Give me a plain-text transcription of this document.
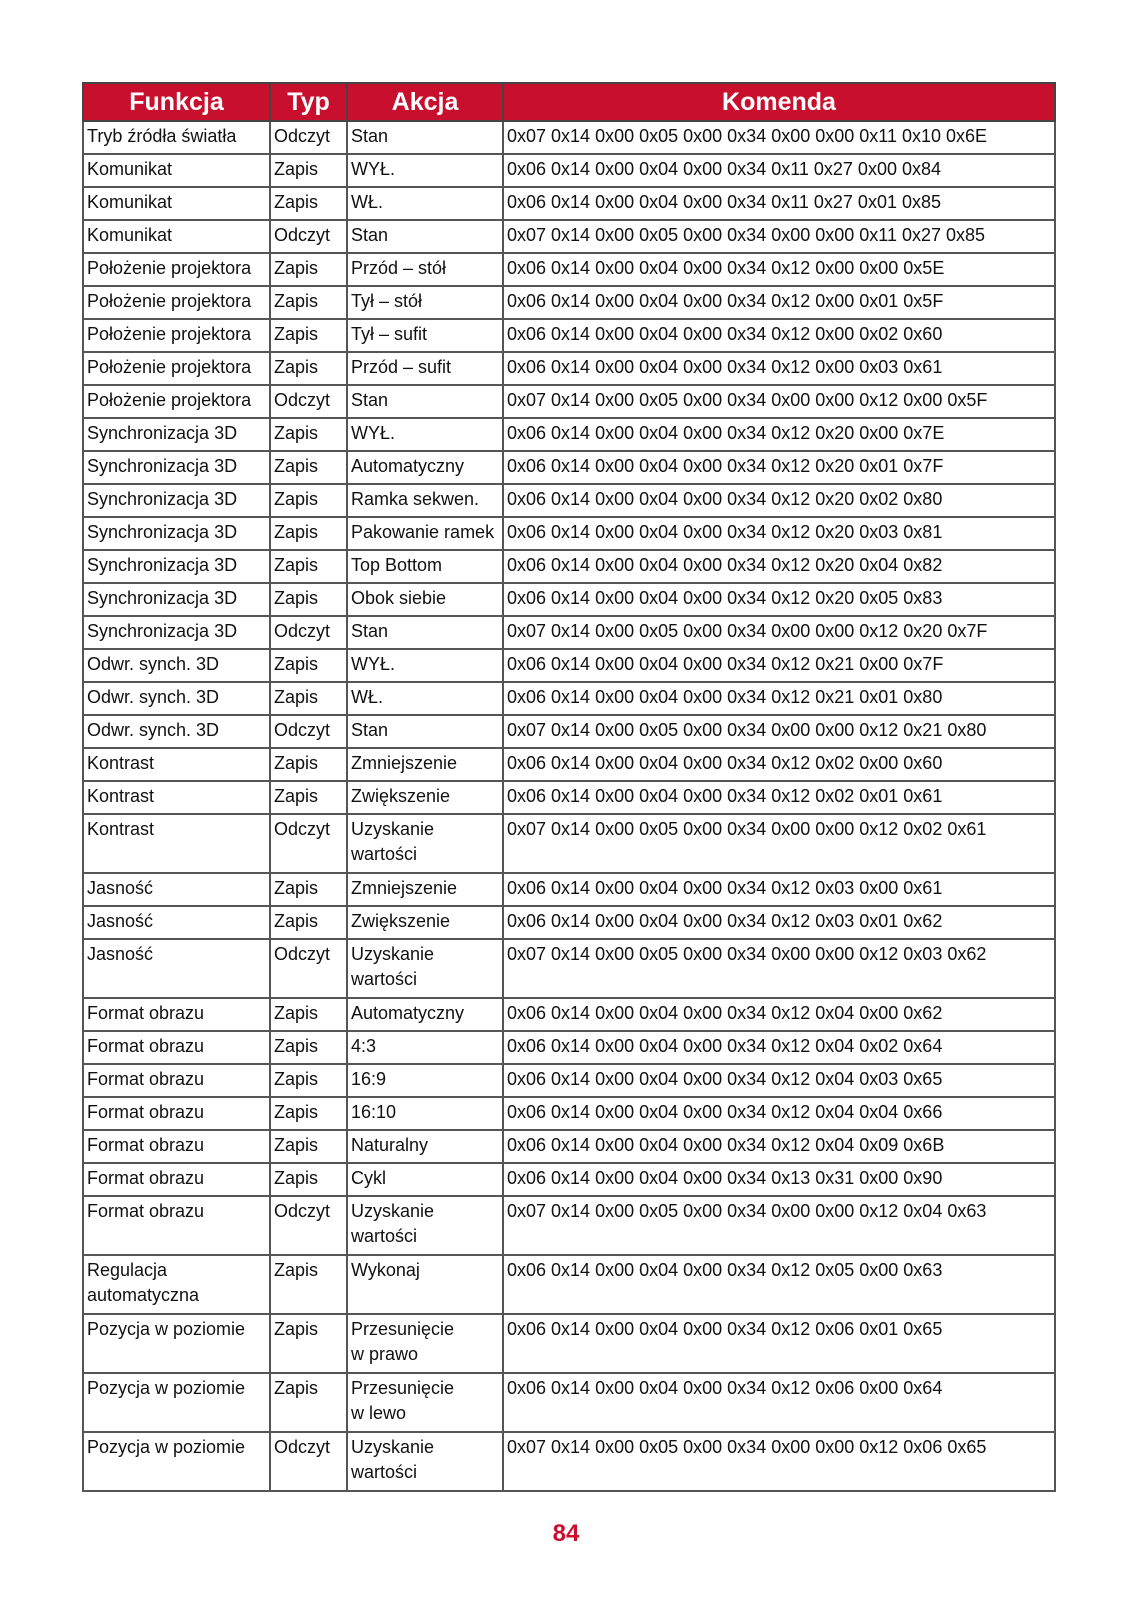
Funkcja	Typ	Akcja	Komenda
Tryb źródła światła	Odczyt	Stan	0x07 0x14 0x00 0x05 0x00 0x34 0x00 0x00 0x11 0x10 0x6E
Komunikat	Zapis	WYŁ.	0x06 0x14 0x00 0x04 0x00 0x34 0x11 0x27 0x00 0x84
Komunikat	Zapis	WŁ.	0x06 0x14 0x00 0x04 0x00 0x34 0x11 0x27 0x01 0x85
Komunikat	Odczyt	Stan	0x07 0x14 0x00 0x05 0x00 0x34 0x00 0x00 0x11 0x27 0x85
Położenie projektora	Zapis	Przód – stół	0x06 0x14 0x00 0x04 0x00 0x34 0x12 0x00 0x00 0x5E
Położenie projektora	Zapis	Tył – stół	0x06 0x14 0x00 0x04 0x00 0x34 0x12 0x00 0x01 0x5F
Położenie projektora	Zapis	Tył – sufit	0x06 0x14 0x00 0x04 0x00 0x34 0x12 0x00 0x02 0x60
Położenie projektora	Zapis	Przód – sufit	0x06 0x14 0x00 0x04 0x00 0x34 0x12 0x00 0x03 0x61
Położenie projektora	Odczyt	Stan	0x07 0x14 0x00 0x05 0x00 0x34 0x00 0x00 0x12 0x00 0x5F
Synchronizacja 3D	Zapis	WYŁ.	0x06 0x14 0x00 0x04 0x00 0x34 0x12 0x20 0x00 0x7E
Synchronizacja 3D	Zapis	Automatyczny	0x06 0x14 0x00 0x04 0x00 0x34 0x12 0x20 0x01 0x7F
Synchronizacja 3D	Zapis	Ramka sekwen.	0x06 0x14 0x00 0x04 0x00 0x34 0x12 0x20 0x02 0x80
Synchronizacja 3D	Zapis	Pakowanie ramek	0x06 0x14 0x00 0x04 0x00 0x34 0x12 0x20 0x03 0x81
Synchronizacja 3D	Zapis	Top Bottom	0x06 0x14 0x00 0x04 0x00 0x34 0x12 0x20 0x04 0x82
Synchronizacja 3D	Zapis	Obok siebie	0x06 0x14 0x00 0x04 0x00 0x34 0x12 0x20 0x05 0x83
Synchronizacja 3D	Odczyt	Stan	0x07 0x14 0x00 0x05 0x00 0x34 0x00 0x00 0x12 0x20 0x7F
Odwr. synch. 3D	Zapis	WYŁ.	0x06 0x14 0x00 0x04 0x00 0x34 0x12 0x21 0x00 0x7F
Odwr. synch. 3D	Zapis	WŁ.	0x06 0x14 0x00 0x04 0x00 0x34 0x12 0x21 0x01 0x80
Odwr. synch. 3D	Odczyt	Stan	0x07 0x14 0x00 0x05 0x00 0x34 0x00 0x00 0x12 0x21 0x80
Kontrast	Zapis	Zmniejszenie	0x06 0x14 0x00 0x04 0x00 0x34 0x12 0x02 0x00 0x60
Kontrast	Zapis	Zwiększenie	0x06 0x14 0x00 0x04 0x00 0x34 0x12 0x02 0x01 0x61
Kontrast	Odczyt	Uzyskanie
wartości	0x07 0x14 0x00 0x05 0x00 0x34 0x00 0x00 0x12 0x02 0x61
Jasność	Zapis	Zmniejszenie	0x06 0x14 0x00 0x04 0x00 0x34 0x12 0x03 0x00 0x61
Jasność	Zapis	Zwiększenie	0x06 0x14 0x00 0x04 0x00 0x34 0x12 0x03 0x01 0x62
Jasność	Odczyt	Uzyskanie
wartości	0x07 0x14 0x00 0x05 0x00 0x34 0x00 0x00 0x12 0x03 0x62
Format obrazu	Zapis	Automatyczny	0x06 0x14 0x00 0x04 0x00 0x34 0x12 0x04 0x00 0x62
Format obrazu	Zapis	4:3	0x06 0x14 0x00 0x04 0x00 0x34 0x12 0x04 0x02 0x64
Format obrazu	Zapis	16:9	0x06 0x14 0x00 0x04 0x00 0x34 0x12 0x04 0x03 0x65
Format obrazu	Zapis	16:10	0x06 0x14 0x00 0x04 0x00 0x34 0x12 0x04 0x04 0x66
Format obrazu	Zapis	Naturalny	0x06 0x14 0x00 0x04 0x00 0x34 0x12 0x04 0x09 0x6B
Format obrazu	Zapis	Cykl	0x06 0x14 0x00 0x04 0x00 0x34 0x13 0x31 0x00 0x90
Format obrazu	Odczyt	Uzyskanie
wartości	0x07 0x14 0x00 0x05 0x00 0x34 0x00 0x00 0x12 0x04 0x63
Regulacja
automatyczna	Zapis	Wykonaj	0x06 0x14 0x00 0x04 0x00 0x34 0x12 0x05 0x00 0x63
Pozycja w poziomie	Zapis	Przesunięcie
w prawo	0x06 0x14 0x00 0x04 0x00 0x34 0x12 0x06 0x01 0x65
Pozycja w poziomie	Zapis	Przesunięcie
w lewo	0x06 0x14 0x00 0x04 0x00 0x34 0x12 0x06 0x00 0x64
Pozycja w poziomie	Odczyt	Uzyskanie
wartości	0x07 0x14 0x00 0x05 0x00 0x34 0x00 0x00 0x12 0x06 0x65
84
